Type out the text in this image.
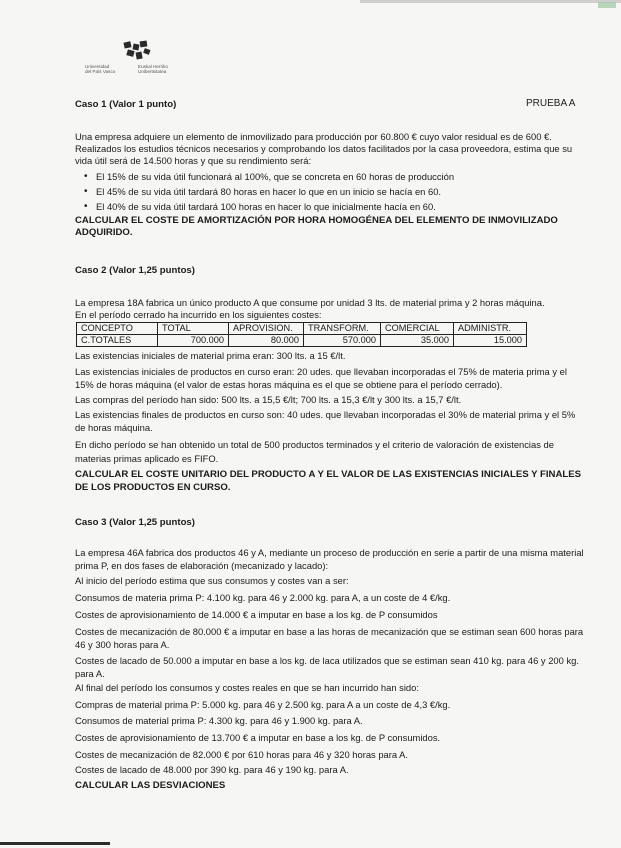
Universidad
del País Vasco
Euskal Herriko
Unibertsitatea
Caso 1 (Valor 1 punto)	PRUEBA A
Una empresa adquiere un elemento de inmovilizado para producción por 60.800 € cuyo valor residual es de 600 €.
Realizados los estudios técnicos necesarios y comprobando los datos facilitados por la casa proveedora, estima que su
vida útil será de 14.500 horas y que su rendimiento será:
• El 15% de su vida útil funcionará al 100%, que se concreta en 60 horas de producción
• El 45% de su vida útil tardará 80 horas en hacer lo que en un inicio se hacía en 60.
• El 40% de su vida útil tardará 100 horas en hacer lo que inicialmente hacía en 60.
CALCULAR EL COSTE DE AMORTIZACIÓN POR HORA HOMOGÉNEA DEL ELEMENTO DE INMOVILIZADO
ADQUIRIDO.
Caso 2 (Valor 1,25 puntos)
La empresa 18A fabrica un único producto A que consume por unidad 3 lts. de material prima y 2 horas máquina.
En el período cerrado ha incurrido en los siguientes costes:
CONCEPTO	TOTAL	APROVISION.	TRANSFORM.	COMERCIAL	ADMINISTR.
C.TOTALES	700.000	80.000	570.000	35.000	15.000
Las existencias iniciales de material prima eran: 300 lts. a 15 €/lt.
Las existencias iniciales de productos en curso eran: 20 udes. que llevaban incorporadas el 75% de materia prima y el
15% de horas máquina (el valor de estas horas máquina es el que se obtiene para el período cerrado).
Las compras del período han sido: 500 lts. a 15,5 €/lt; 700 lts. a 15,3 €/lt y 300 lts. a 15,7 €/lt.
Las existencias finales de productos en curso son: 40 udes. que llevaban incorporadas el 30% de material prima y el 5%
de horas máquina.
En dicho período se han obtenido un total de 500 productos terminados y el criterio de valoración de existencias de
materias primas aplicado es FIFO.
CALCULAR EL COSTE UNITARIO DEL PRODUCTO A Y EL VALOR DE LAS EXISTENCIAS INICIALES Y FINALES
DE LOS PRODUCTOS EN CURSO.
Caso 3 (Valor 1,25 puntos)
La empresa 46A fabrica dos productos 46 y A, mediante un proceso de producción en serie a partir de una misma material
prima P, en dos fases de elaboración (mecanizado y lacado):
Al inicio del período estima que sus consumos y costes van a ser:
Consumos de materia prima P: 4.100 kg. para 46 y 2.000 kg. para A, a un coste de 4 €/kg.
Costes de aprovisionamiento de 14.000 € a imputar en base a los kg. de P consumidos
Costes de mecanización de 80.000 € a imputar en base a las horas de mecanización que se estiman sean 600 horas para
46 y 300 horas para A.
Costes de lacado de 50.000 a imputar en base a los kg. de laca utilizados que se estiman sean 410 kg. para 46 y 200 kg.
para A.
Al final del período los consumos y costes reales en que se han incurrido han sido:
Compras de material prima P: 5.000 kg. para 46 y 2.500 kg. para A a un coste de 4,3 €/kg.
Consumos de material prima P: 4.300 kg. para 46 y 1.900 kg. para A.
Costes de aprovisionamiento de 13.700 € a imputar en base a los kg. de P consumidos.
Costes de mecanización de 82.000 € por 610 horas para 46 y 320 horas para A.
Costes de lacado de 48.000 por 390 kg. para 46 y 190 kg. para A.
CALCULAR LAS DESVIACIONES
